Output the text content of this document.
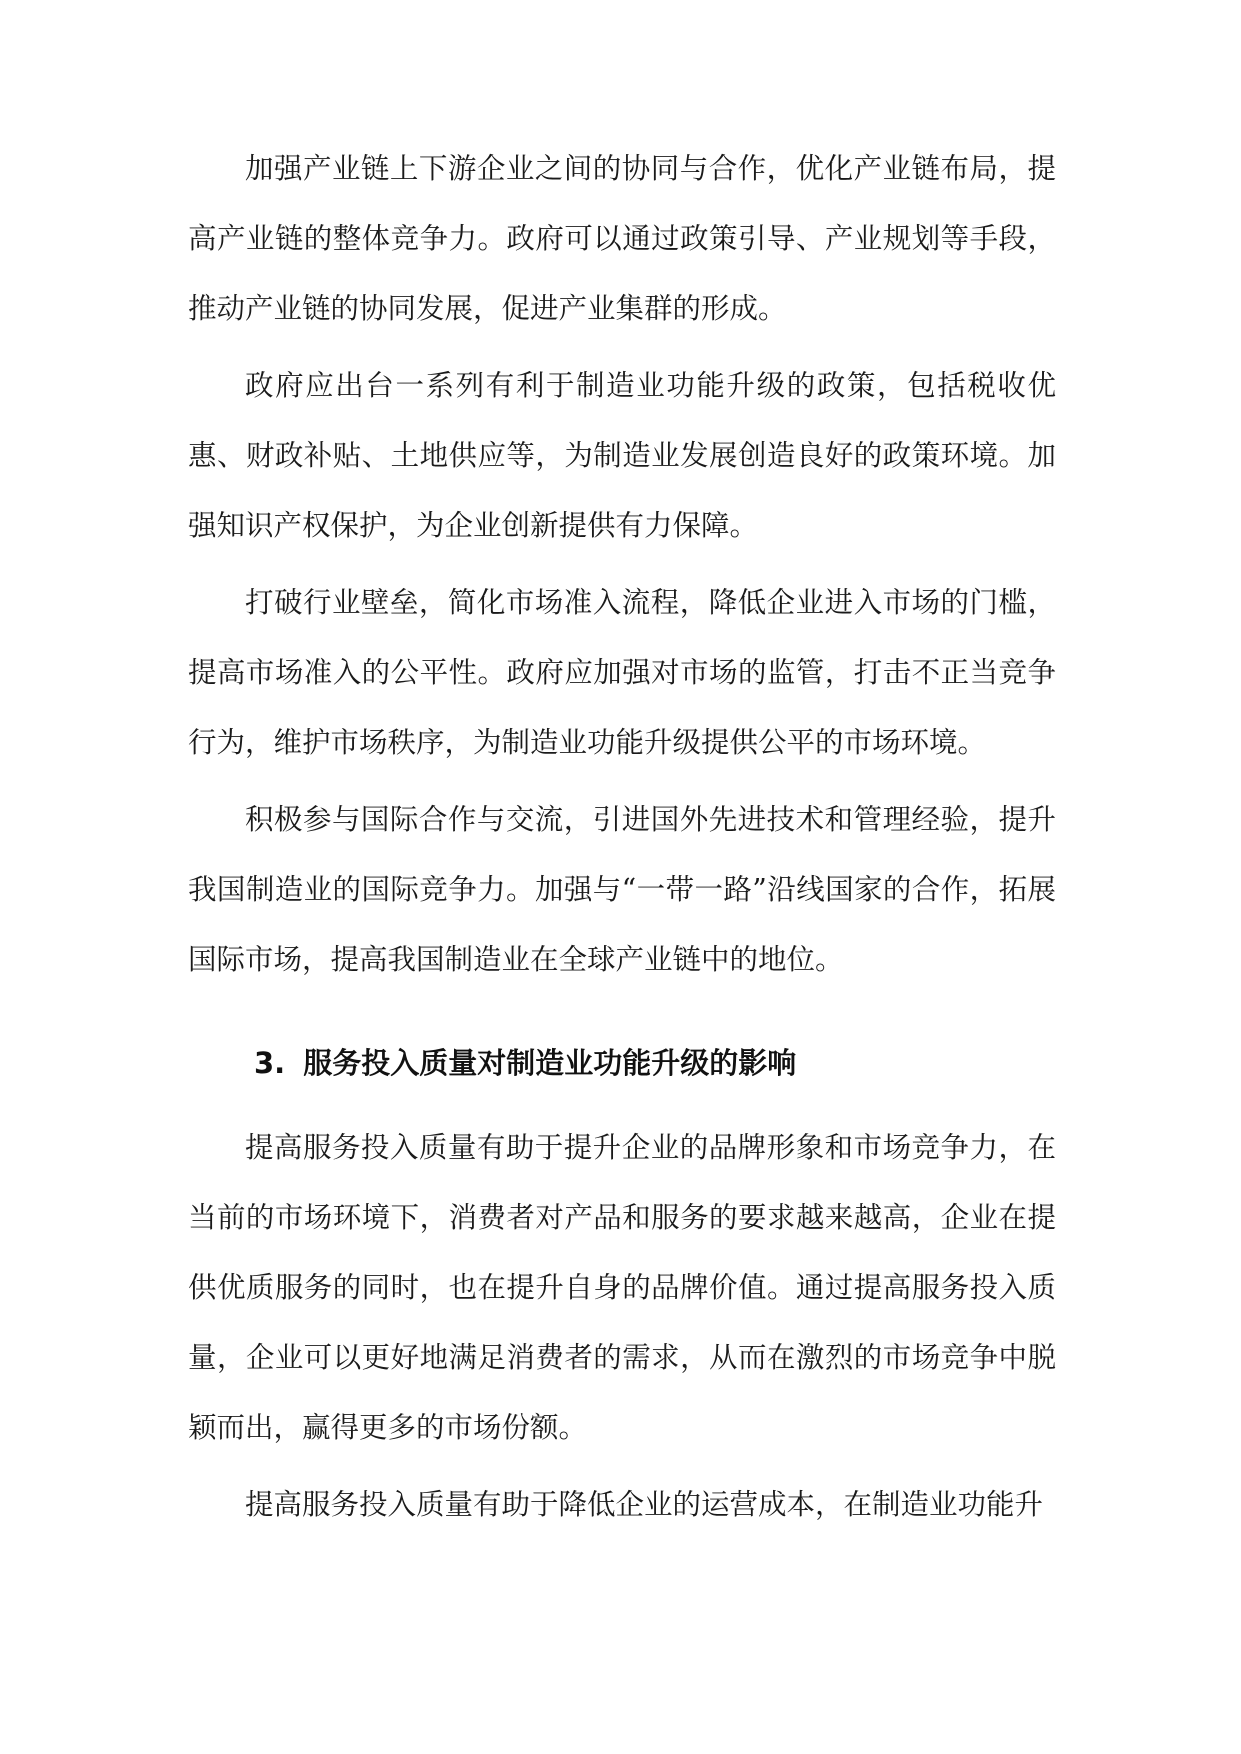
加强产业链上下游企业之间的协同与合作，优化产业链布局，提高产业链的整体竞争力。政府可以通过政策引导、产业规划等手段，推动产业链的协同发展，促进产业集群的形成。

政府应出台一系列有利于制造业功能升级的政策，包括税收优惠、财政补贴、土地供应等，为制造业发展创造良好的政策环境。加强知识产权保护，为企业创新提供有力保障。

打破行业壁垒，简化市场准入流程，降低企业进入市场的门槛，提高市场准入的公平性。政府应加强对市场的监管，打击不正当竞争行为，维护市场秩序，为制造业功能升级提供公平的市场环境。

积极参与国际合作与交流，引进国外先进技术和管理经验，提升我国制造业的国际竞争力。加强与“一带一路”沿线国家的合作，拓展国际市场，提高我国制造业在全球产业链中的地位。

3. 服务投入质量对制造业功能升级的影响

提高服务投入质量有助于提升企业的品牌形象和市场竞争力，在当前的市场环境下，消费者对产品和服务的要求越来越高，企业在提供优质服务的同时，也在提升自身的品牌价值。通过提高服务投入质量，企业可以更好地满足消费者的需求，从而在激烈的市场竞争中脱颖而出，赢得更多的市场份额。

提高服务投入质量有助于降低企业的运营成本，在制造业功能升
